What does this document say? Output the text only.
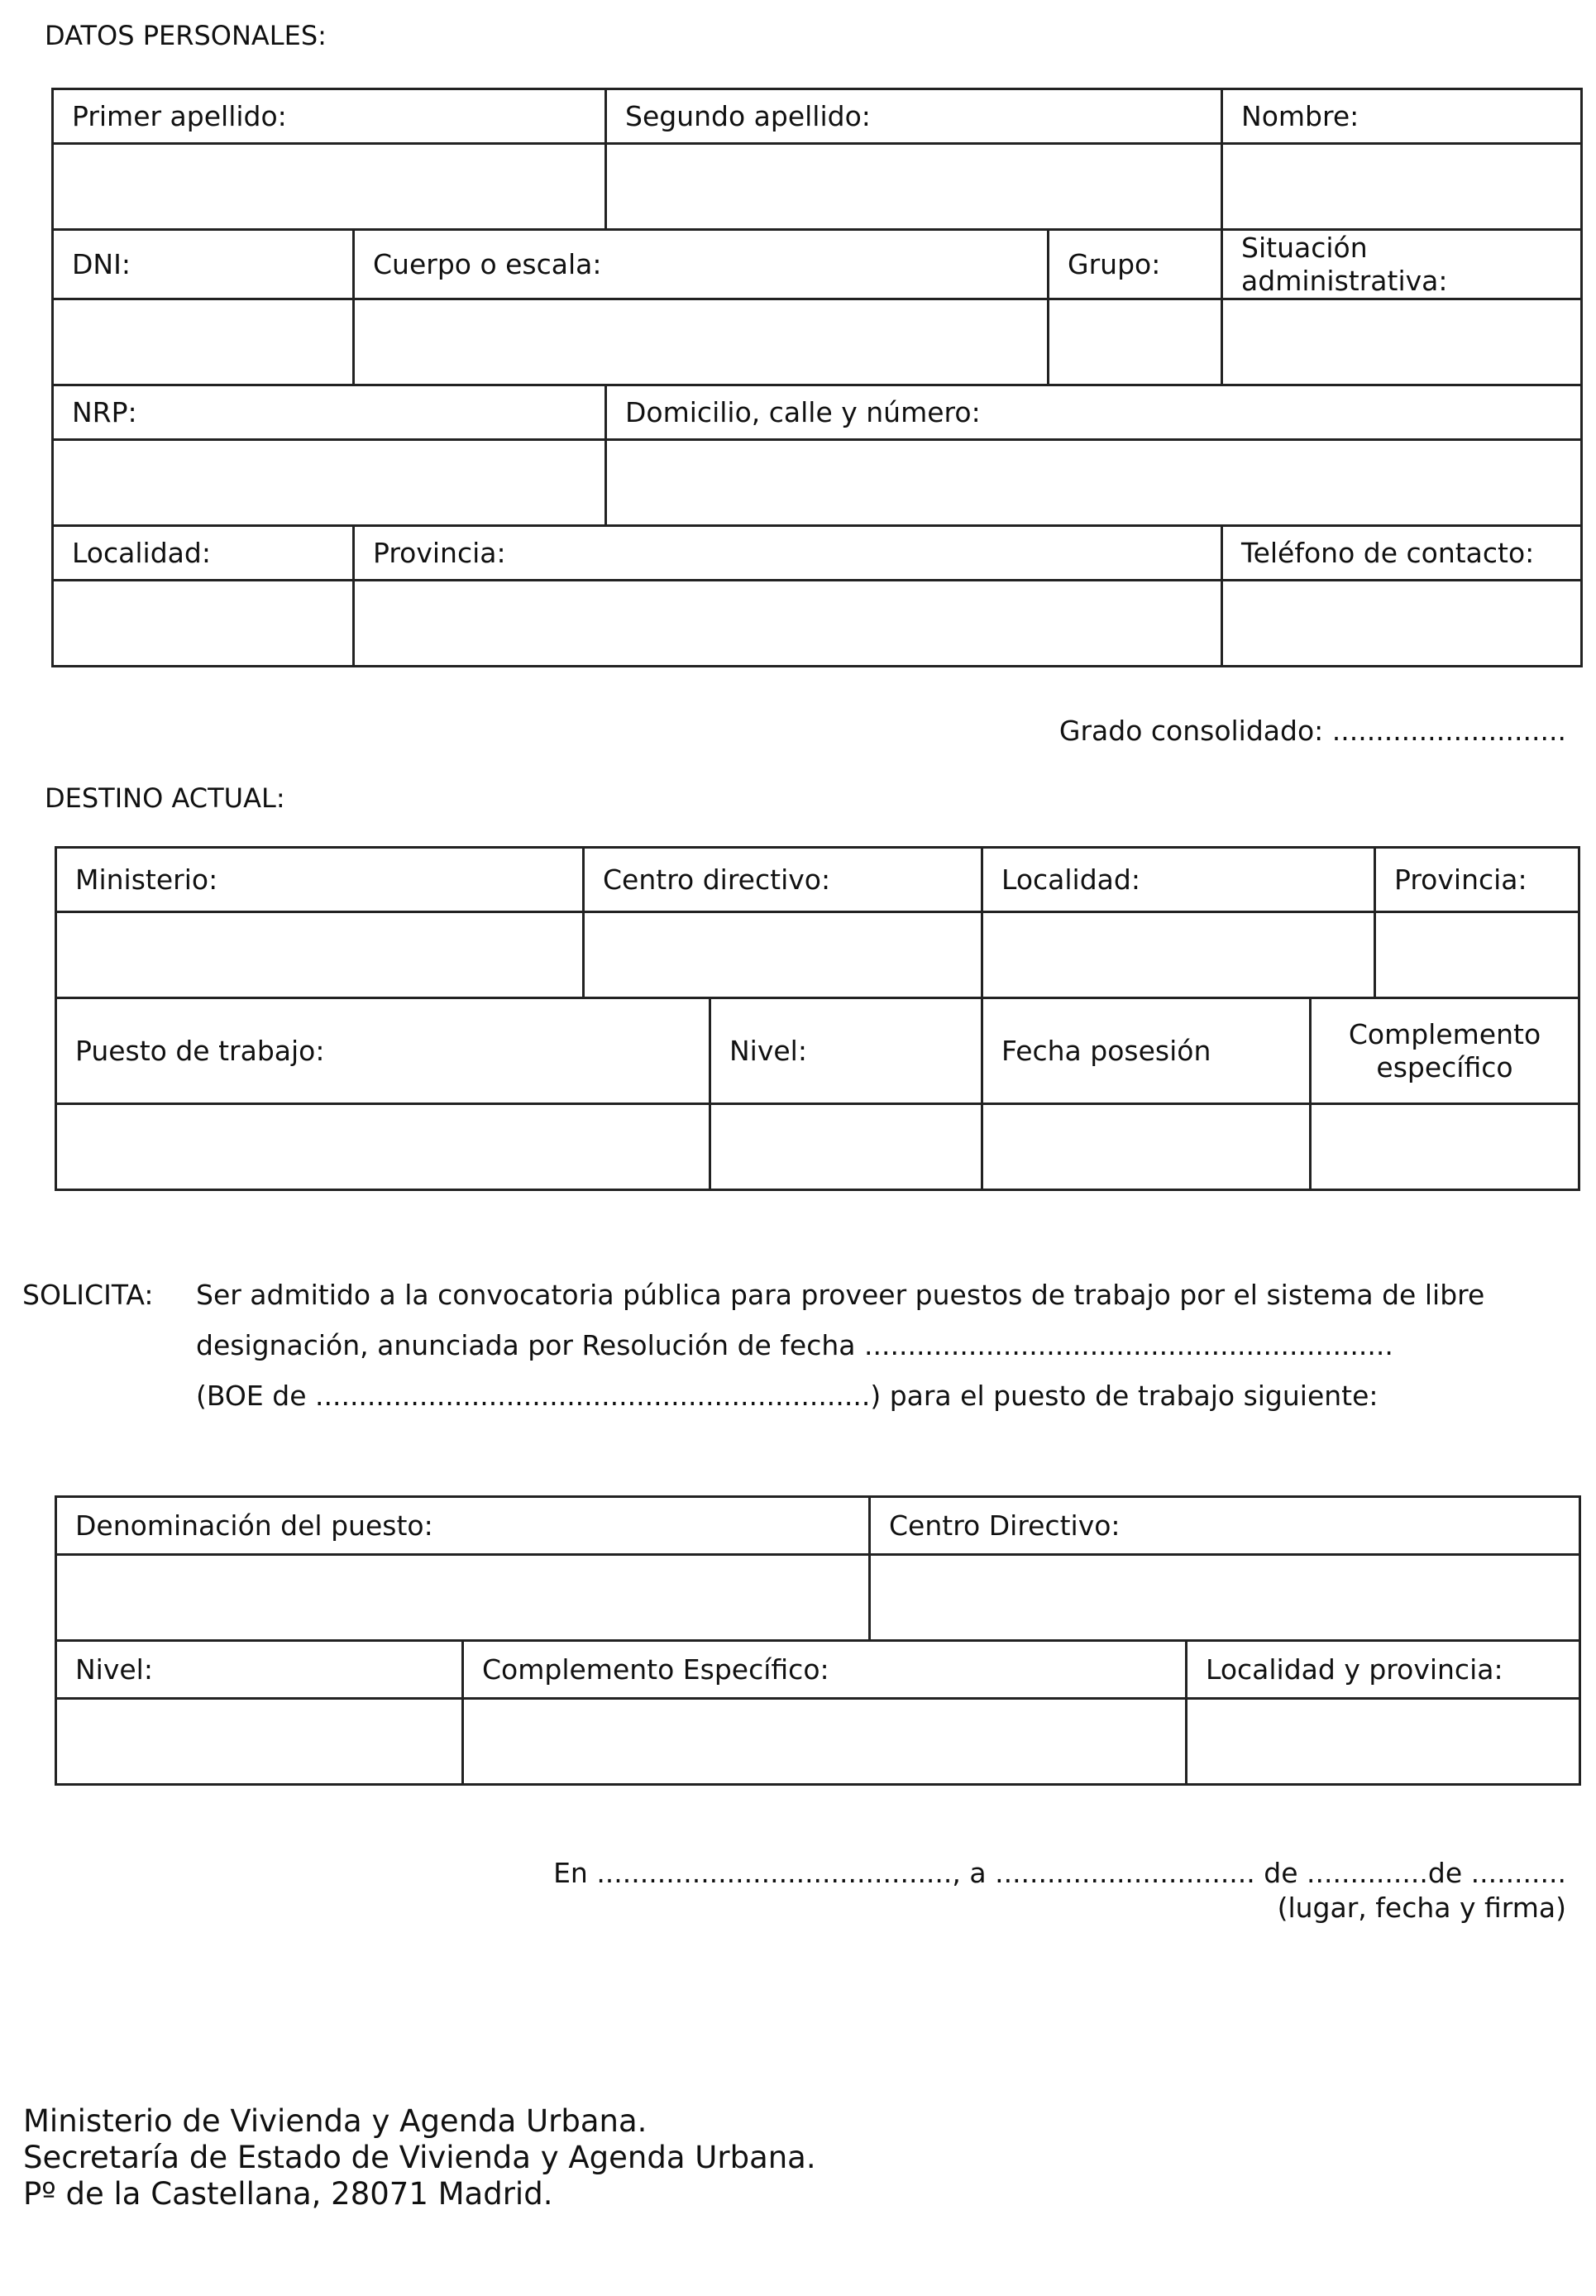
DATOS PERSONALES:
Primer apellido:		Segundo apellido:		Nombre:

DNI:	Cuerpo o escala:		Grupo:	Situación administrativa:

NRP:		Domicilio, calle y número:		

Localidad:	Provincia:			Teléfono de contacto:

Grado consolidado: ...........................
DESTINO ACTUAL:
Ministerio:	Centro directivo:		Localidad:		Provincia:

Puesto de trabajo:		Nivel:	Fecha posesión	Complemento específico	

SOLICITA: Ser admitido a la convocatoria pública para proveer puestos de trabajo por el sistema de libre
designación, anunciada por Resolución de fecha .............................................................
(BOE de ................................................................) para el puesto de trabajo siguiente:
Denominación del puesto:		Centro Directivo:	

Nivel:	Complemento Específico:		Localidad y provincia:

En ........................................., a .............................. de ..............de ...........
(lugar, fecha y firma)
Ministerio de Vivienda y Agenda Urbana.
Secretaría de Estado de Vivienda y Agenda Urbana.
Pº de la Castellana, 28071 Madrid.
